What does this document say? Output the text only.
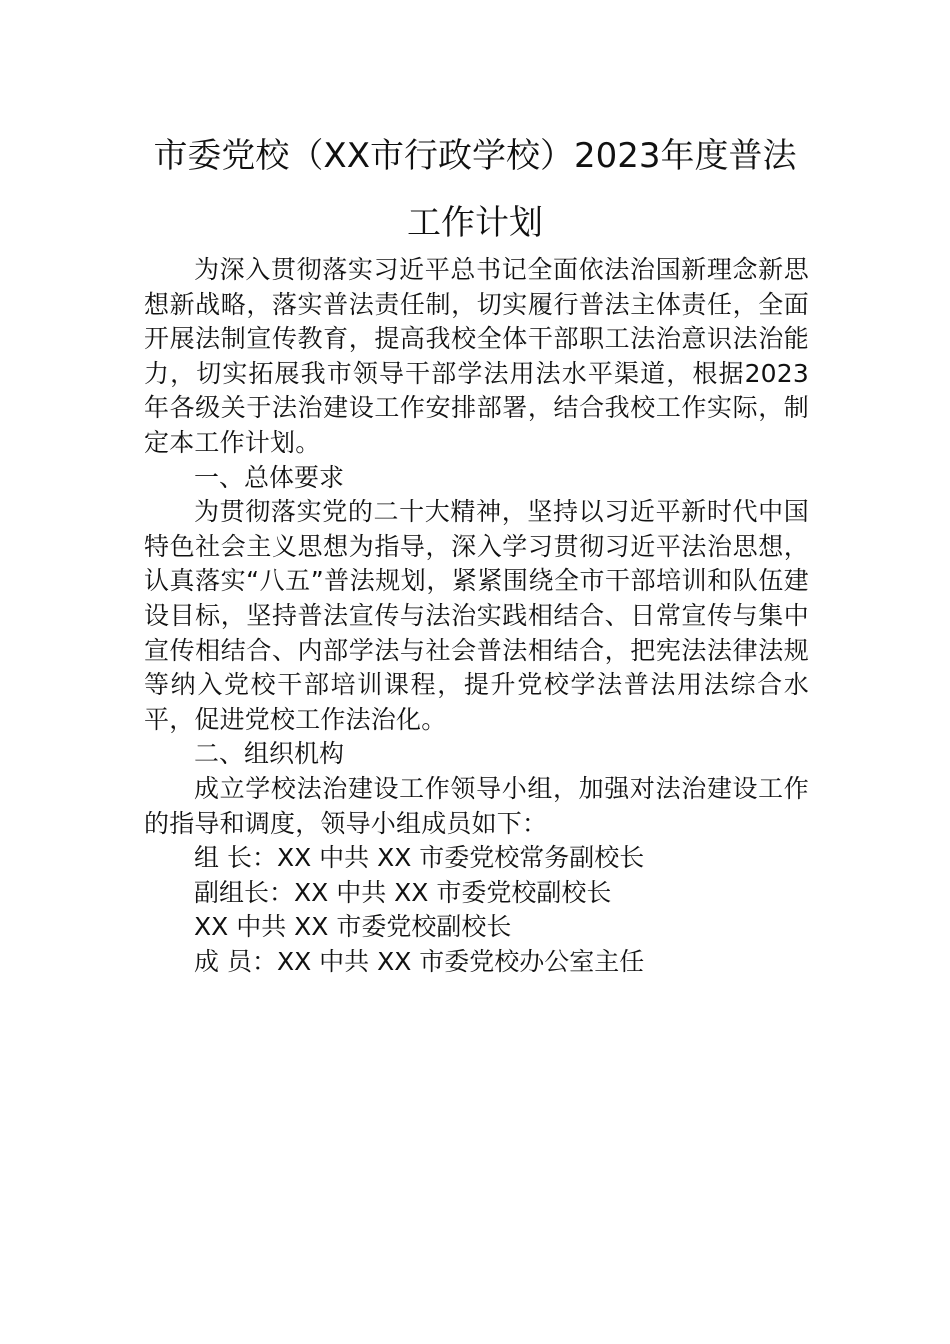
市委党校（XX市行政学校）2023年度普法
工作计划

为深入贯彻落实习近平总书记全面依法治国新理念新思想新战略，落实普法责任制，切实履行普法主体责任，全面开展法制宣传教育，提高我校全体干部职工法治意识法治能力，切实拓展我市领导干部学法用法水平渠道，根据2023年各级关于法治建设工作安排部署，结合我校工作实际，制定本工作计划。

一、总体要求

为贯彻落实党的二十大精神，坚持以习近平新时代中国特色社会主义思想为指导，深入学习贯彻习近平法治思想，认真落实“八五”普法规划，紧紧围绕全市干部培训和队伍建设目标，坚持普法宣传与法治实践相结合、日常宣传与集中宣传相结合、内部学法与社会普法相结合，把宪法法律法规等纳入党校干部培训课程，提升党校学法普法用法综合水平，促进党校工作法治化。

二、组织机构

成立学校法治建设工作领导小组，加强对法治建设工作的指导和调度，领导小组成员如下：

组 长：XX 中共 XX 市委党校常务副校长

副组长：XX 中共 XX 市委党校副校长

XX 中共 XX 市委党校副校长

成 员：XX 中共 XX 市委党校办公室主任
